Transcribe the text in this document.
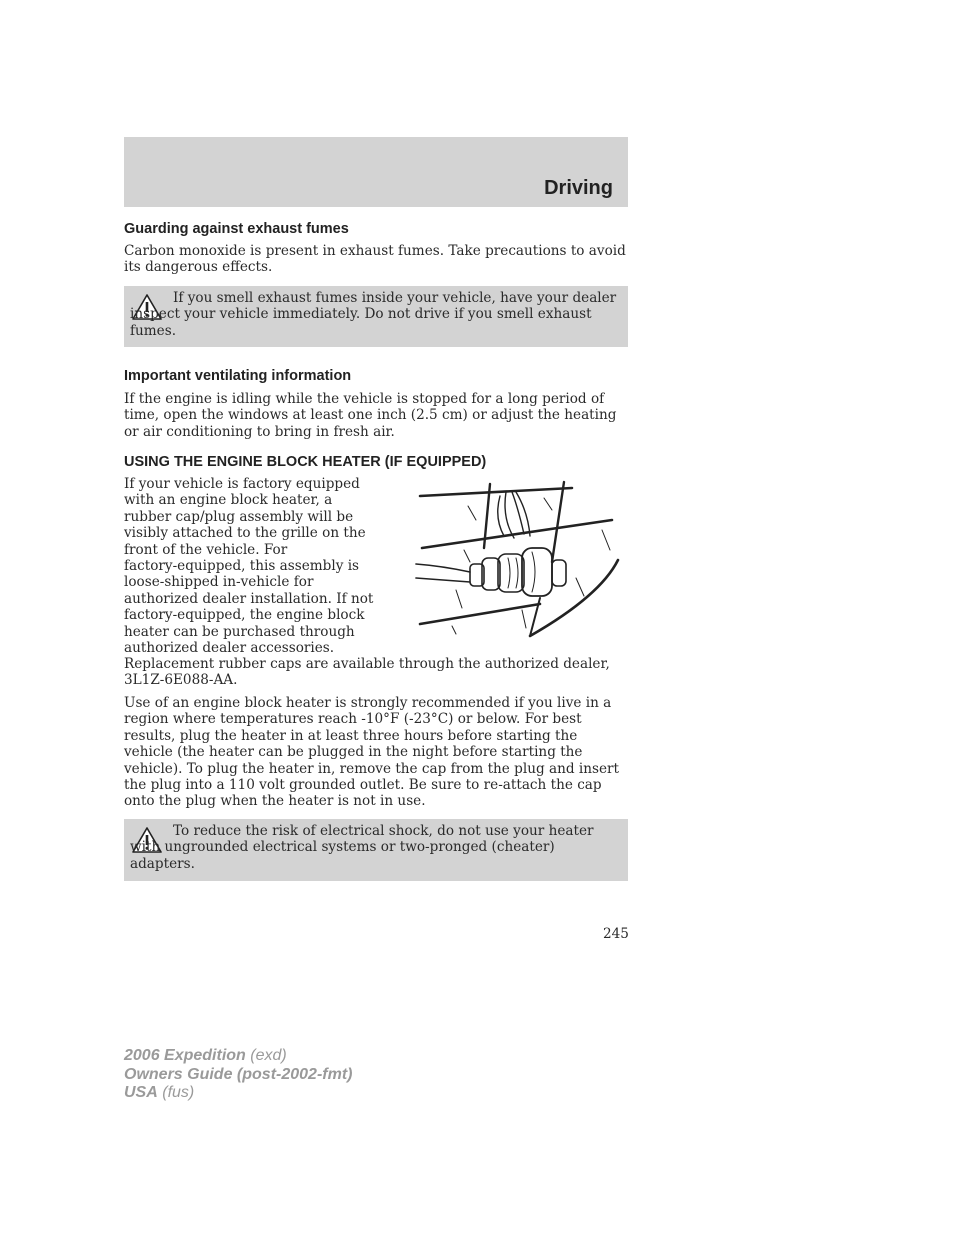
Driving
Guarding against exhaust fumes

Carbon monoxide is present in exhaust fumes. Take precautions to avoid its dangerous effects.

If you smell exhaust fumes inside your vehicle, have your dealer inspect your vehicle immediately. Do not drive if you smell exhaust fumes.

Important ventilating information

If the engine is idling while the vehicle is stopped for a long period of time, open the windows at least one inch (2.5 cm) or adjust the heating or air conditioning to bring in fresh air.

USING THE ENGINE BLOCK HEATER (IF EQUIPPED)
If your vehicle is factory equipped
with an engine block heater, a
rubber cap/plug assembly will be
visibly attached to the grille on the
front of the vehicle. For
factory-equipped, this assembly is
loose-shipped in-vehicle for
authorized dealer installation. If not
factory-equipped, the engine block
heater can be purchased through
authorized dealer accessories.

Replacement rubber caps are available through the authorized dealer, 3L1Z-6E088-AA.

Use of an engine block heater is strongly recommended if you live in a region where temperatures reach -10°F (-23°C) or below. For best results, plug the heater in at least three hours before starting the vehicle (the heater can be plugged in the night before starting the vehicle). To plug the heater in, remove the cap from the plug and insert the plug into a 110 volt grounded outlet. Be sure to re-attach the cap onto the plug when the heater is not in use.

To reduce the risk of electrical shock, do not use your heater with ungrounded electrical systems or two-pronged (cheater) adapters.

245
2006 Expedition (exd)
Owners Guide (post-2002-fmt)
USA (fus)
